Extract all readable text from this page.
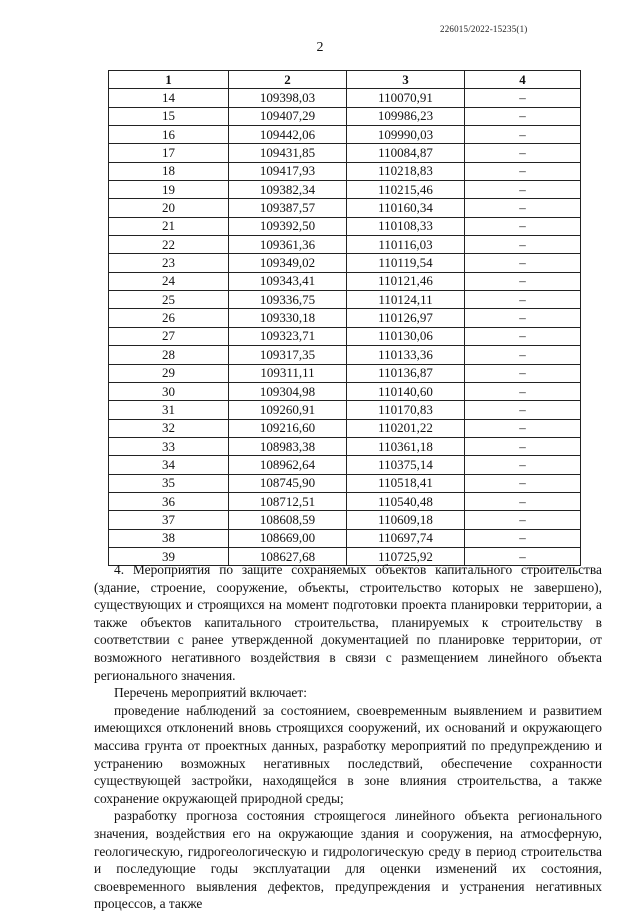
226015/2022-15235(1)
2
1	2	3	4
14	109398,03	110070,91	–
15	109407,29	109986,23	–
16	109442,06	109990,03	–
17	109431,85	110084,87	–
18	109417,93	110218,83	–
19	109382,34	110215,46	–
20	109387,57	110160,34	–
21	109392,50	110108,33	–
22	109361,36	110116,03	–
23	109349,02	110119,54	–
24	109343,41	110121,46	–
25	109336,75	110124,11	–
26	109330,18	110126,97	–
27	109323,71	110130,06	–
28	109317,35	110133,36	–
29	109311,11	110136,87	–
30	109304,98	110140,60	–
31	109260,91	110170,83	–
32	109216,60	110201,22	–
33	108983,38	110361,18	–
34	108962,64	110375,14	–
35	108745,90	110518,41	–
36	108712,51	110540,48	–
37	108608,59	110609,18	–
38	108669,00	110697,74	–
39	108627,68	110725,92	–

4. Мероприятия по защите сохраняемых объектов капитального строительства (здание, строение, сооружение, объекты, строительство которых не завершено), существующих и строящихся на момент подготовки проекта планировки территории, а также объектов капитального строительства, планируемых к строительству в соответствии с ранее утвержденной документацией по планировке территории, от возможного негативного воздействия в связи с размещением линейного объекта регионального значения.

Перечень мероприятий включает:

проведение наблюдений за состоянием, своевременным выявлением и развитием имеющихся отклонений вновь строящихся сооружений, их оснований и окружающего массива грунта от проектных данных, разработку мероприятий по предупреждению и устранению возможных негативных последствий, обеспечение сохранности существующей застройки, находящейся в зоне влияния строительства, а также сохранение окружающей природной среды;

разработку прогноза состояния строящегося линейного объекта регионального значения, воздействия его на окружающие здания и сооружения, на атмосферную, геологическую, гидрогеологическую и гидрологическую среду в период строительства и последующие годы эксплуатации для оценки изменений их состояния, своевременного выявления дефектов, предупреждения и устранения негативных процессов, а также
